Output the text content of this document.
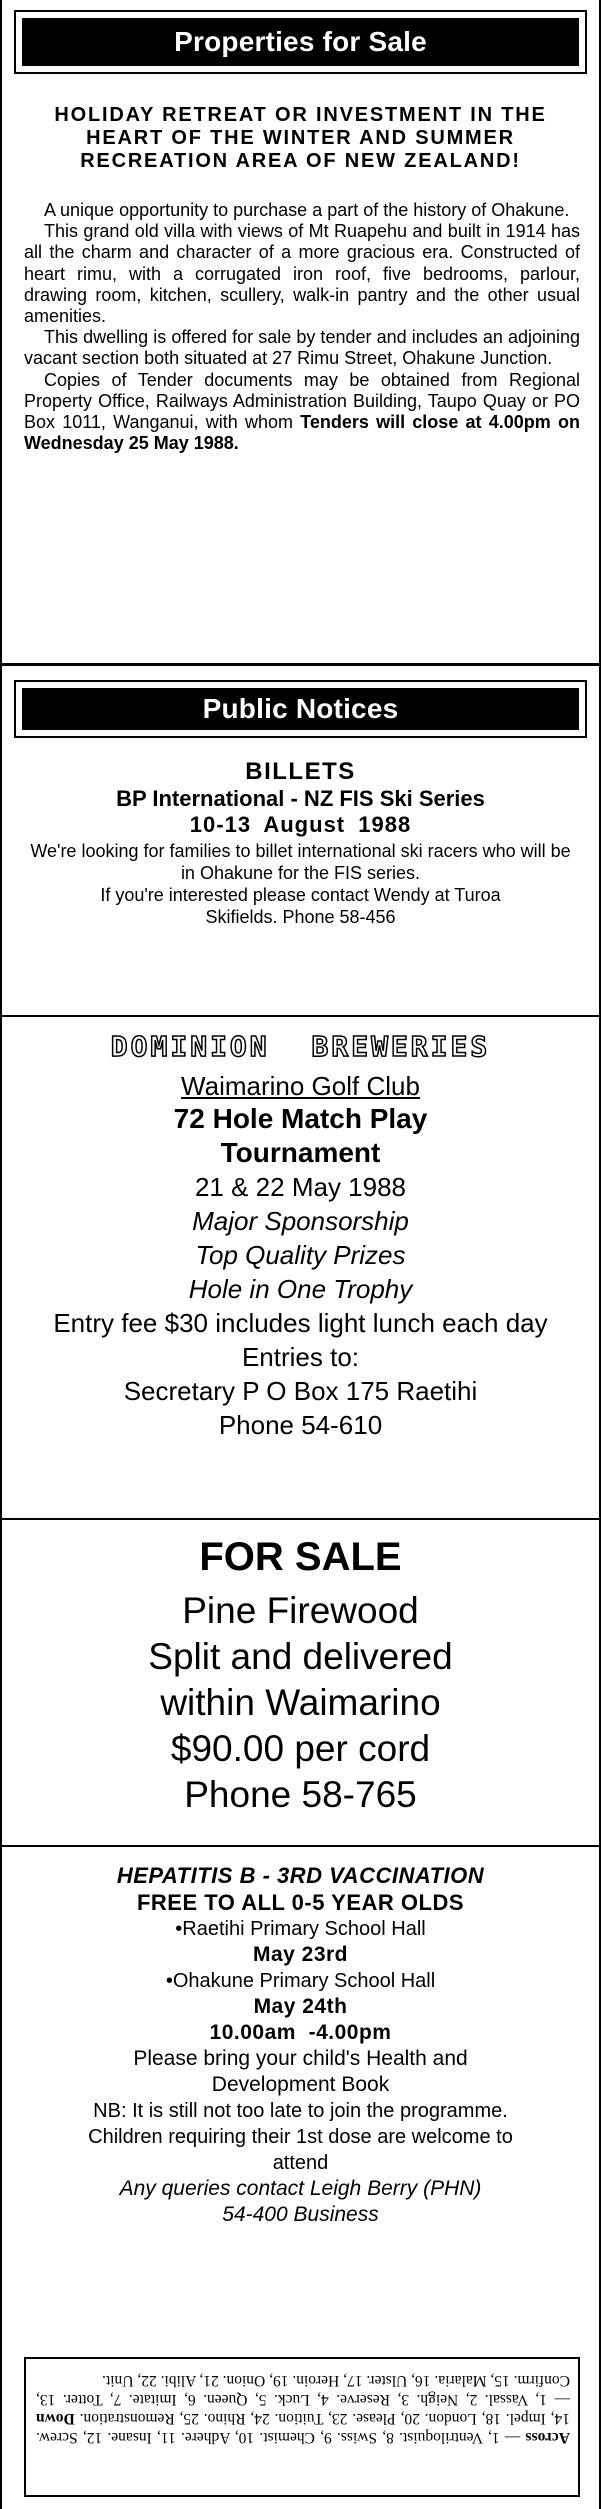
Properties for Sale
HOLIDAY RETREAT OR INVESTMENT IN THE HEART OF THE WINTER AND SUMMER RECREATION AREA OF NEW ZEALAND!

A unique opportunity to purchase a part of the history of Ohakune.

This grand old villa with views of Mt Ruapehu and built in 1914 has all the charm and character of a more gracious era. Constructed of heart rimu, with a corrugated iron roof, five bedrooms, parlour, drawing room, kitchen, scullery, walk-in pantry and the other usual amenities.

This dwelling is offered for sale by tender and includes an adjoining vacant section both situated at 27 Rimu Street, Ohakune Junction.

Copies of Tender documents may be obtained from Regional Property Office, Railways Administration Building, Taupo Quay or PO Box 1011, Wanganui, with whom Tenders will close at 4.00pm on Wednesday 25 May 1988.

Public Notices
BILLETS
BP International - NZ FIS Ski Series
10-13 August 1988
We're looking for families to billet international ski racers who will be in Ohakune for the FIS series.
If you're interested please contact Wendy at Turoa Skifields. Phone 58-456
DOMINION BREWERIES
Waimarino Golf Club
72 Hole Match Play
Tournament
21 & 22 May 1988
Major Sponsorship
Top Quality Prizes
Hole in One Trophy
Entry fee $30 includes light lunch each day
Entries to:
Secretary P O Box 175 Raetihi
Phone 54-610
FOR SALE
Pine Firewood
Split and delivered
within Waimarino
$90.00 per cord
Phone 58-765
HEPATITIS B - 3RD VACCINATION
FREE TO ALL 0-5 YEAR OLDS
•Raetihi Primary School Hall
May 23rd
•Ohakune Primary School Hall
May 24th
10.00am  -4.00pm
Please bring your child's Health and Development Book
NB: It is still not too late to join the programme. Children requiring their 1st dose are welcome to attend
Any queries contact Leigh Berry (PHN)
54-400 Business
Across — 1, Ventriloquist. 8, Swiss. 9, Chemist. 10, Adhere. 11, Insane. 12, Screw. 14, Impel. 18, London. 20, Please. 23, Tuition. 24, Rhino. 25, Remonstration. Down — 1, Vassal. 2, Neigh. 3, Reserve. 4, Luck. 5, Queen. 6, Imitate. 7, Totter. 13, Confirm. 15, Malaria. 16, Ulster. 17, Heroin. 19, Onion. 21, Alibi. 22, Unit.
